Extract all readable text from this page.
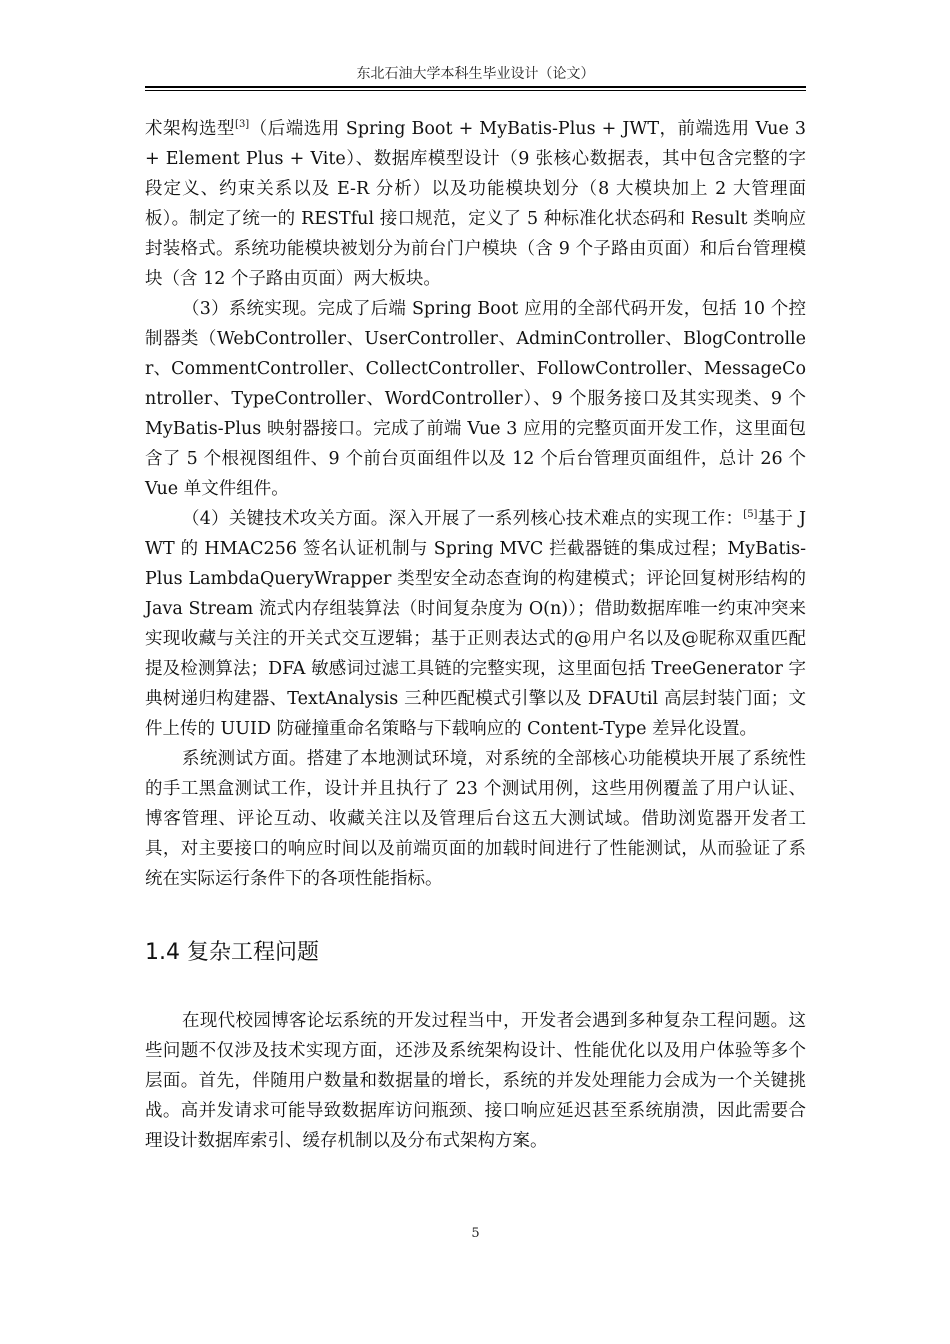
东北石油大学本科生毕业设计（论文）

术架构选型[3]（后端选用 Spring Boot + MyBatis-Plus + JWT，前端选用 Vue 3 + Element Plus + Vite）、数据库模型设计（9 张核心数据表，其中包含完整的字段定义、约束关系以及 E-R 分析）以及功能模块划分（8 大模块加上 2 大管理面板）。制定了统一的 RESTful 接口规范，定义了 5 种标准化状态码和 Result 类响应封装格式。系统功能模块被划分为前台门户模块（含 9 个子路由页面）和后台管理模块（含 12 个子路由页面）两大板块。

（3）系统实现。完成了后端 Spring Boot 应用的全部代码开发，包括 10 个控制器类（WebController、UserController、AdminController、BlogController、CommentController、CollectController、FollowController、MessageController、TypeController、WordController）、9 个服务接口及其实现类、9 个 MyBatis-Plus 映射器接口。完成了前端 Vue 3 应用的完整页面开发工作，这里面包含了 5 个根视图组件、9 个前台页面组件以及 12 个后台管理页面组件，总计 26 个 Vue 单文件组件。

（4）关键技术攻关方面。深入开展了一系列核心技术难点的实现工作：[5]基于 JWT 的 HMAC256 签名认证机制与 Spring MVC 拦截器链的集成过程；MyBatis-Plus LambdaQueryWrapper 类型安全动态查询的构建模式；评论回复树形结构的 Java Stream 流式内存组装算法（时间复杂度为 O(n)）；借助数据库唯一约束冲突来实现收藏与关注的开关式交互逻辑；基于正则表达式的@用户名以及@昵称双重匹配提及检测算法；DFA 敏感词过滤工具链的完整实现，这里面包括 TreeGenerator 字典树递归构建器、TextAnalysis 三种匹配模式引擎以及 DFAUtil 高层封装门面；文件上传的 UUID 防碰撞重命名策略与下载响应的 Content-Type 差异化设置。

系统测试方面。搭建了本地测试环境，对系统的全部核心功能模块开展了系统性的手工黑盒测试工作，设计并且执行了 23 个测试用例，这些用例覆盖了用户认证、博客管理、评论互动、收藏关注以及管理后台这五大测试域。借助浏览器开发者工具，对主要接口的响应时间以及前端页面的加载时间进行了性能测试，从而验证了系统在实际运行条件下的各项性能指标。

1.4 复杂工程问题

在现代校园博客论坛系统的开发过程当中，开发者会遇到多种复杂工程问题。这些问题不仅涉及技术实现方面，还涉及系统架构设计、性能优化以及用户体验等多个层面。首先，伴随用户数量和数据量的增长，系统的并发处理能力会成为一个关键挑战。高并发请求可能导致数据库访问瓶颈、接口响应延迟甚至系统崩溃，因此需要合理设计数据库索引、缓存机制以及分布式架构方案。

5
